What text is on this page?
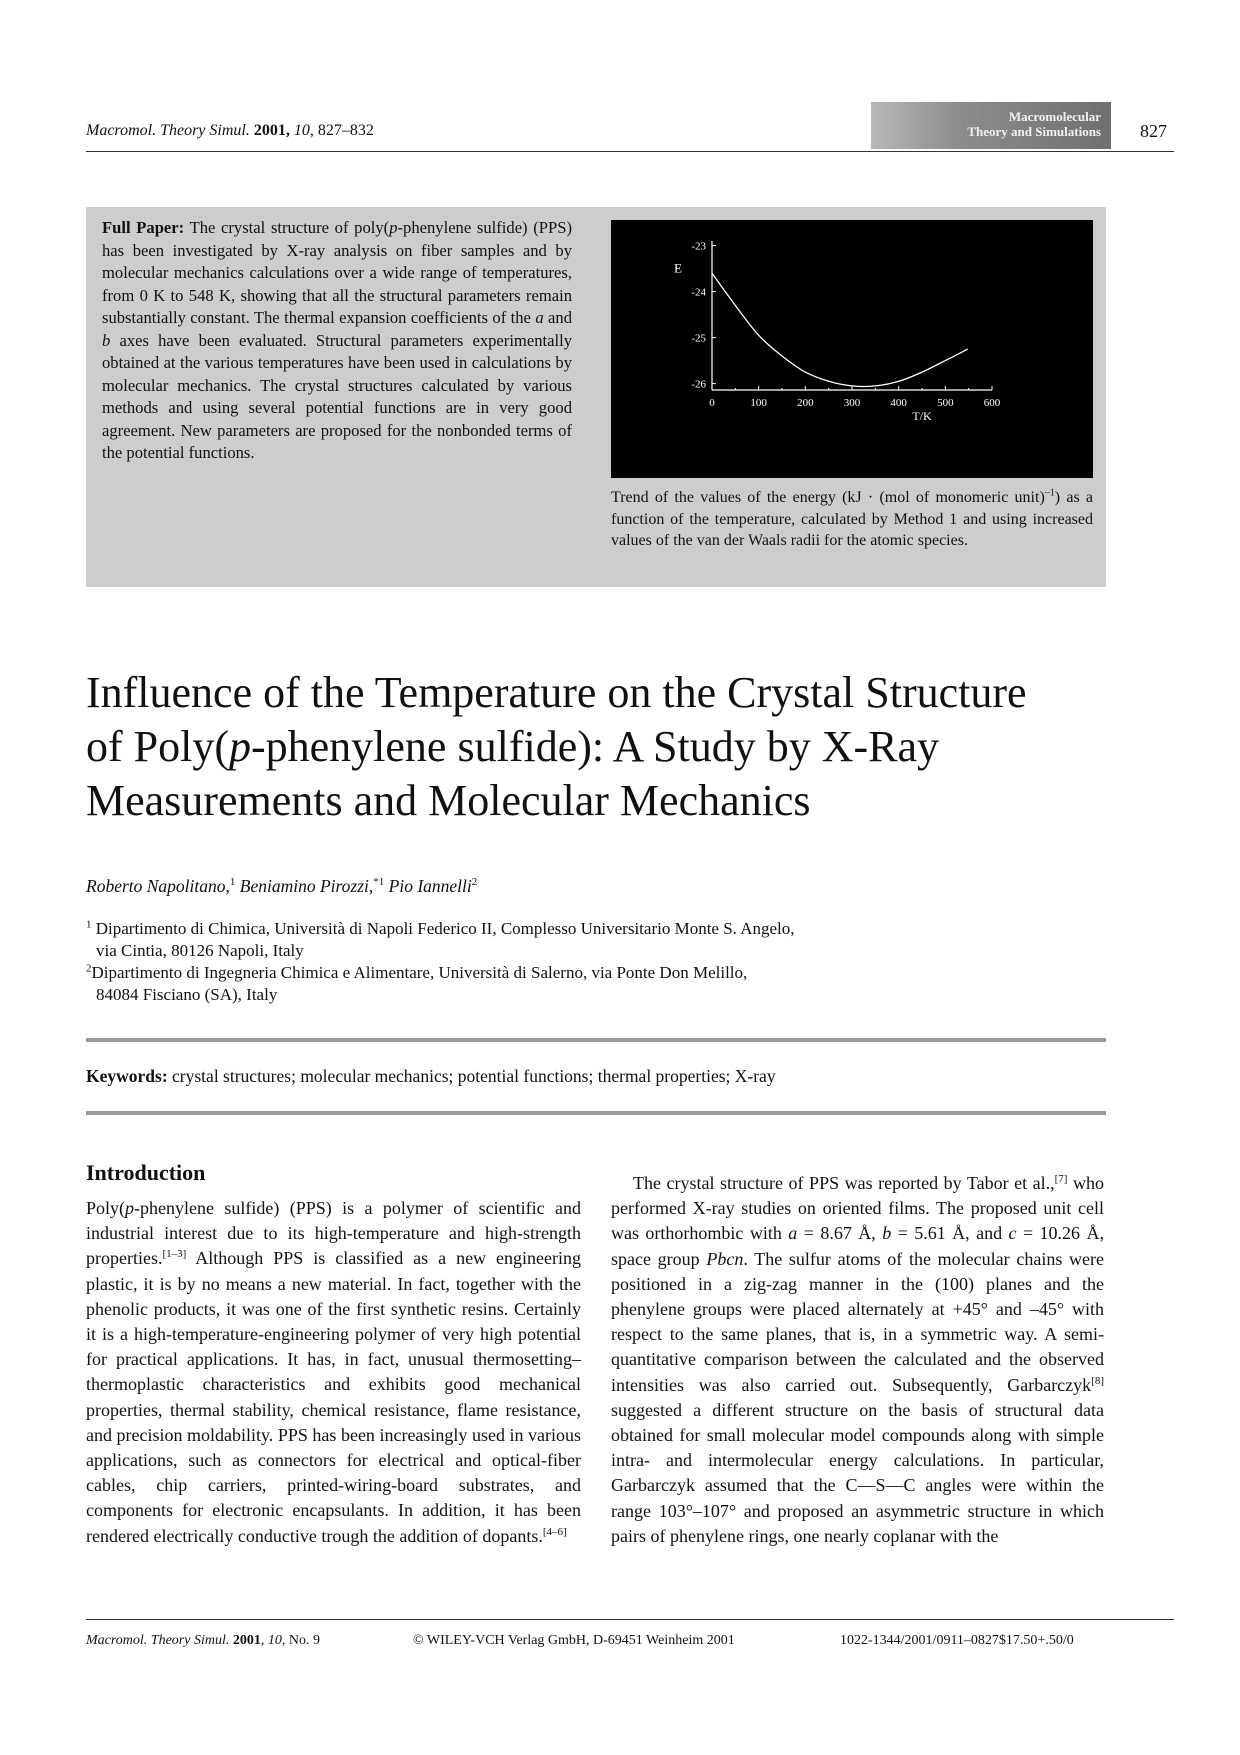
Macromol. Theory Simul. 2001, 10, 827–832
Macromolecular
Theory and Simulations 827
Full Paper: The crystal structure of poly(p-phenylene sulfide) (PPS) has been investigated by X-ray analysis on fiber samples and by molecular mechanics calculations over a wide range of temperatures, from 0 K to 548 K, showing that all the structural parameters remain substantially constant. The thermal expansion coefficients of the a and b axes have been evaluated. Structural parameters experimentally obtained at the various temperatures have been used in calculations by molecular mechanics. The crystal structures calculated by various methods and using several potential functions are in very good agreement. New parameters are proposed for the nonbonded terms of the potential functions.
0	100	200	300	400	500	600
-23
-24
-25
-26
T/K
E
Trend of the values of the energy (kJ · (mol of monomeric unit)$^{-1}$) as a function of the temperature, calculated by Method 1 and using increased values of the van der Waals radii for the atomic species.
Influence of the Temperature on the Crystal Structure
of Poly(p-phenylene sulfide): A Study by X-Ray
Measurements and Molecular Mechanics
Roberto Napolitano,$^1$ Beniamino Pirozzi,$^{*1}$ Pio Iannelli$^2$
$^1$ Dipartimento di Chimica, Università di Napoli Federico II, Complesso Universitario Monte S. Angelo,
via Cintia, 80126 Napoli, Italy
$^2$Dipartimento di Ingegneria Chimica e Alimentare, Università di Salerno, via Ponte Don Melillo,
84084 Fisciano (SA), Italy
Keywords: crystal structures; molecular mechanics; potential functions; thermal properties; X-ray
Introduction
Poly(p-phenylene sulfide) (PPS) is a polymer of scientific and industrial interest due to its high-temperature and high-strength properties.[1–3] Although PPS is classified as a new engineering plastic, it is by no means a new material. In fact, together with the phenolic products, it was one of the first synthetic resins. Certainly it is a high-temperature-engineering polymer of very high potential for practical applications. It has, in fact, unusual thermosetting–thermoplastic characteristics and exhibits good mechanical properties, thermal stability, chemical resistance, flame resistance, and precision moldability. PPS has been increasingly used in various applications, such as connectors for electrical and optical-fiber cables, chip carriers, printed-wiring-board substrates, and components for electronic encapsulants. In addition, it has been rendered electrically conductive trough the addition of dopants.[4–6]
The crystal structure of PPS was reported by Tabor et al.,[7] who performed X-ray studies on oriented films. The proposed unit cell was orthorhombic with a = 8.67 Å, b = 5.61 Å, and c = 10.26 Å, space group Pbcn. The sulfur atoms of the molecular chains were positioned in a zig-zag manner in the (100) planes and the phenylene groups were placed alternately at +45° and –45° with respect to the same planes, that is, in a symmetric way. A semi-quantitative comparison between the calculated and the observed intensities was also carried out. Subsequently, Garbarczyk[8] suggested a different structure on the basis of structural data obtained for small molecular model compounds along with simple intra- and intermolecular energy calculations. In particular, Garbarczyk assumed that the C—S—C angles were within the range 103°–107° and proposed an asymmetric structure in which pairs of phenylene rings, one nearly coplanar with the
Macromol. Theory Simul. 2001, 10, No. 9	© WILEY-VCH Verlag GmbH, D-69451 Weinheim 2001	1022-1344/2001/0911–0827$17.50+.50/0
